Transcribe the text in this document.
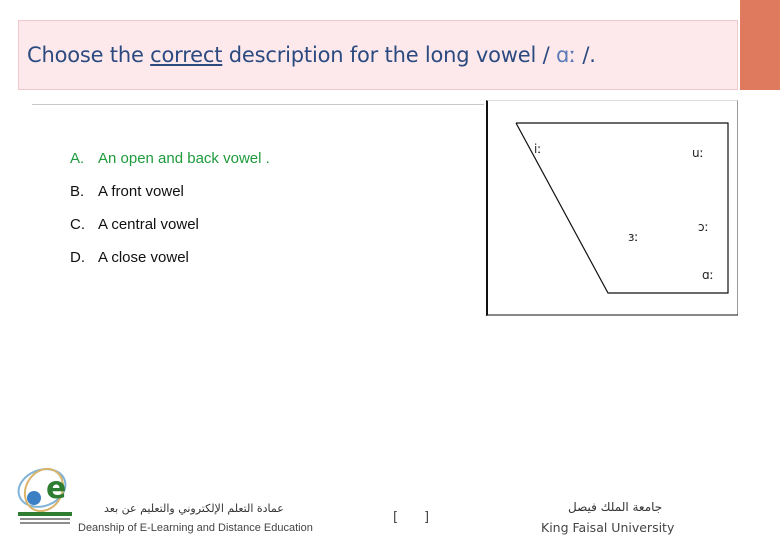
Choose the correct description for the long vowel / ɑː /.
A. An open and back vowel .
B. A front vowel
C. A central vowel
D. A close vowel
iː	uː
ɔː
ɜː
ɑː
e
عمادة التعلم الإلكتروني والتعليم عن بعد
Deanship of E-Learning and Distance Education
[ ]
جامعة الملك فيصل
King Faisal University
